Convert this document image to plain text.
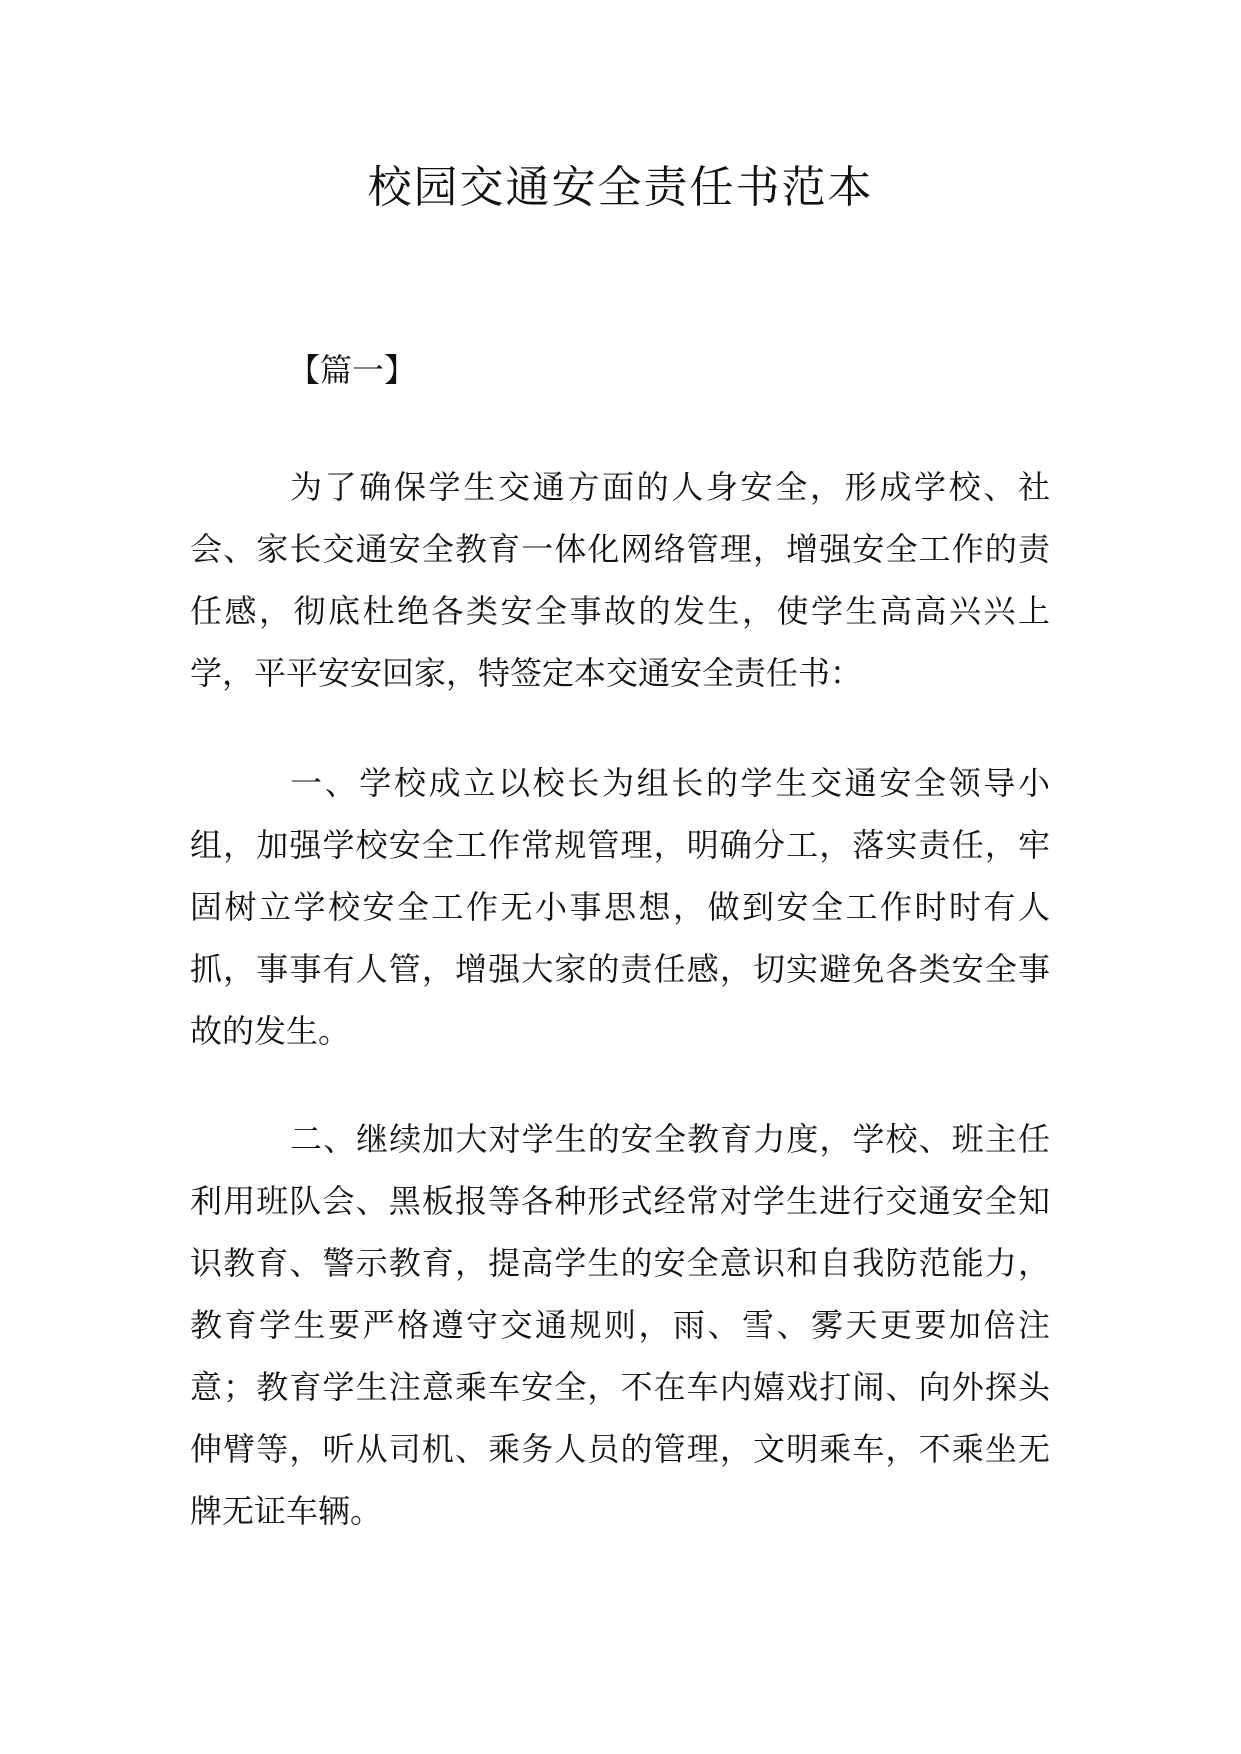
校园交通安全责任书范本
【篇一】

为了确保学生交通方面的人身安全，形成学校、社会、家长交通安全教育一体化网络管理，增强安全工作的责任感，彻底杜绝各类安全事故的发生，使学生高高兴兴上学，平平安安回家，特签定本交通安全责任书：

一、学校成立以校长为组长的学生交通安全领导小组，加强学校安全工作常规管理，明确分工，落实责任，牢固树立学校安全工作无小事思想，做到安全工作时时有人抓，事事有人管，增强大家的责任感，切实避免各类安全事故的发生。

二、继续加大对学生的安全教育力度，学校、班主任利用班队会、黑板报等各种形式经常对学生进行交通安全知识教育、警示教育，提高学生的安全意识和自我防范能力，教育学生要严格遵守交通规则，雨、雪、雾天更要加倍注意；教育学生注意乘车安全，不在车内嬉戏打闹、向外探头伸臂等，听从司机、乘务人员的管理，文明乘车，不乘坐无牌无证车辆。
